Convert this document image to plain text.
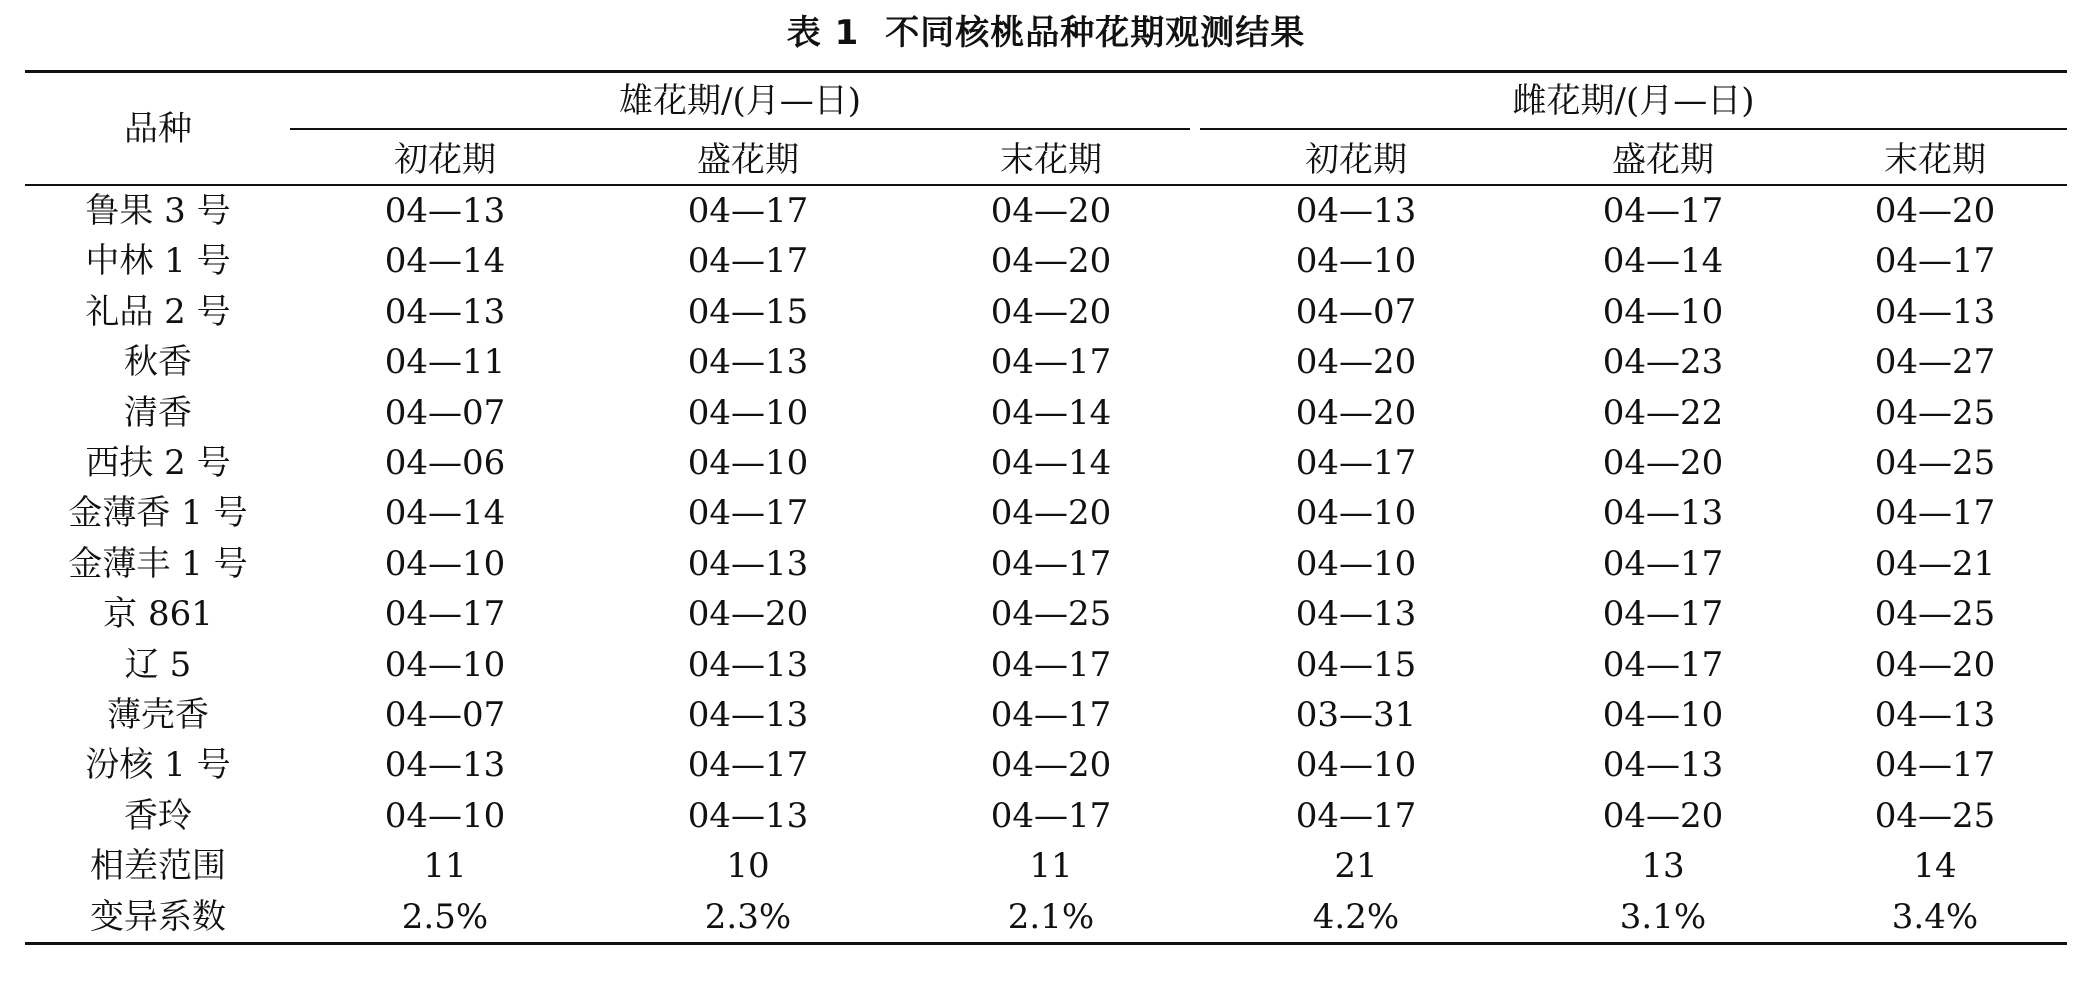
表 1 不同核桃品种花期观测结果
品种
雄花期/(月—日)	雌花期/(月—日)
初花期	盛花期	末花期	初花期	盛花期	末花期
鲁果 3 号	04—13	04—17	04—20	04—13	04—17	04—20
中林 1 号	04—14	04—17	04—20	04—10	04—14	04—17
礼品 2 号	04—13	04—15	04—20	04—07	04—10	04—13
秋香	04—11	04—13	04—17	04—20	04—23	04—27
清香	04—07	04—10	04—14	04—20	04—22	04—25
西扶 2 号	04—06	04—10	04—14	04—17	04—20	04—25
金薄香 1 号	04—14	04—17	04—20	04—10	04—13	04—17
金薄丰 1 号	04—10	04—13	04—17	04—10	04—17	04—21
京 861	04—17	04—20	04—25	04—13	04—17	04—25
辽 5	04—10	04—13	04—17	04—15	04—17	04—20
薄壳香	04—07	04—13	04—17	03—31	04—10	04—13
汾核 1 号	04—13	04—17	04—20	04—10	04—13	04—17
香玲	04—10	04—13	04—17	04—17	04—20	04—25
相差范围	11	10	11	21	13	14
变异系数	2.5%	2.3%	2.1%	4.2%	3.1%	3.4%
